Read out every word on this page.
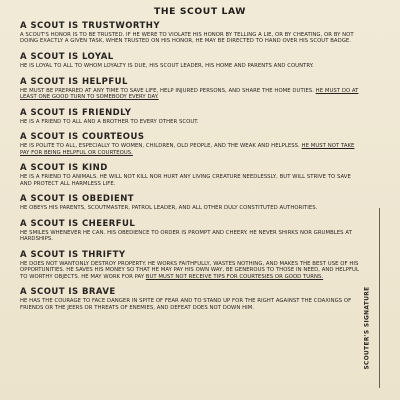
THE SCOUT LAW
A SCOUT IS TRUSTWORTHY
A SCOUT'S HONOR IS TO BE TRUSTED. IF HE WERE TO VIOLATE HIS HONOR BY TELLING A LIE, OR BY CHEATING, OR BY NOT DOING EXACTLY A GIVEN TASK, WHEN TRUSTED ON HIS HONOR, HE MAY BE DIRECTED TO HAND OVER HIS SCOUT BADGE.
A SCOUT IS LOYAL
HE IS LOYAL TO ALL TO WHOM LOYALTY IS DUE, HIS SCOUT LEADER, HIS HOME AND PARENTS AND COUNTRY.
A SCOUT IS HELPFUL
HE MUST BE PREPARED AT ANY TIME TO SAVE LIFE, HELP INJURED PERSONS, AND SHARE THE HOME DUTIES. HE MUST DO AT LEAST ONE GOOD TURN TO SOMEBODY EVERY DAY.
A SCOUT IS FRIENDLY
HE IS A FRIEND TO ALL AND A BROTHER TO EVERY OTHER SCOUT.
A SCOUT IS COURTEOUS
HE IS POLITE TO ALL, ESPECIALLY TO WOMEN, CHILDREN, OLD PEOPLE, AND THE WEAK AND HELPLESS. HE MUST NOT TAKE PAY FOR BEING HELPFUL OR COURTEOUS.
A SCOUT IS KIND
HE IS A FRIEND TO ANIMALS. HE WILL NOT KILL NOR HURT ANY LIVING CREATURE NEEDLESSLY, BUT WILL STRIVE TO SAVE AND PROTECT ALL HARMLESS LIFE.
A SCOUT IS OBEDIENT
HE OBEYS HIS PARENTS, SCOUTMASTER, PATROL LEADER, AND ALL OTHER DULY CONSTITUTED AUTHORITIES.
A SCOUT IS CHEERFUL
HE SMILES WHENEVER HE CAN. HIS OBEDIENCE TO ORDER IS PROMPT AND CHEERY. HE NEVER SHIRKS NOR GRUMBLES AT HARDSHIPS.
A SCOUT IS THRIFTY
HE DOES NOT WANTONLY DESTROY PROPERTY. HE WORKS FAITHFULLY, WASTES NOTHING, AND MAKES THE BEST USE OF HIS OPPORTUNITIES. HE SAVES HIS MONEY SO THAT HE MAY PAY HIS OWN WAY, BE GENEROUS TO THOSE IN NEED, AND HELPFUL TO WORTHY OBJECTS. HE MAY WORK FOR PAY BUT MUST NOT RECEIVE TIPS FOR COURTESIES OR GOOD TURNS.
A SCOUT IS BRAVE
HE HAS THE COURAGE TO FACE DANGER IN SPITE OF FEAR AND TO STAND UP FOR THE RIGHT AGAINST THE COAXINGS OF FRIENDS OR THE JEERS OR THREATS OF ENEMIES, AND DEFEAT DOES NOT DOWN HIM.	SCOUTER'S SIGNATURE
